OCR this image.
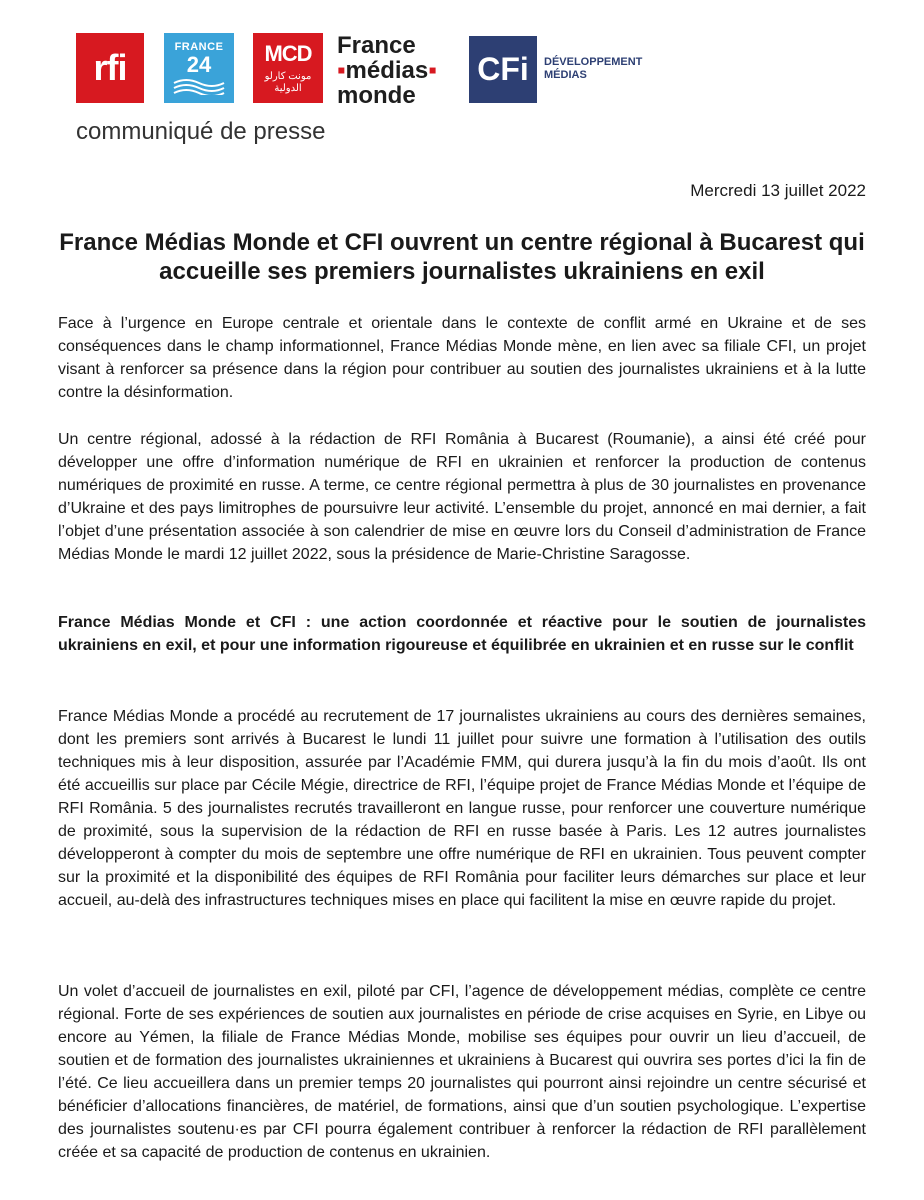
rfi	FRANCE
24	MCD
مونت كارلو الدولية
France
▪médias▪
monde
CFi	DÉVELOPPEMENT MÉDIAS
communiqué de presse
Mercredi 13 juillet 2022
France Médias Monde et CFI ouvrent un centre régional à Bucarest qui accueille ses premiers journalistes ukrainiens en exil
Face à l’urgence en Europe centrale et orientale dans le contexte de conflit armé en Ukraine et de ses conséquences dans le champ informationnel, France Médias Monde mène, en lien avec sa filiale CFI, un projet visant à renforcer sa présence dans la région pour contribuer au soutien des journalistes ukrainiens et à la lutte contre la désinformation.
Un centre régional, adossé à la rédaction de RFI România à Bucarest (Roumanie), a ainsi été créé pour développer une offre d’information numérique de RFI en ukrainien et renforcer la production de contenus numériques de proximité en russe. A terme, ce centre régional permettra à plus de 30 journalistes en provenance d’Ukraine et des pays limitrophes de poursuivre leur activité. L’ensemble du projet, annoncé en mai dernier, a fait l’objet d’une présentation associée à son calendrier de mise en œuvre lors du Conseil d’administration de France Médias Monde le mardi 12 juillet 2022, sous la présidence de Marie-Christine Saragosse.
France Médias Monde et CFI : une action coordonnée et réactive pour le soutien de journalistes ukrainiens en exil, et pour une information rigoureuse et équilibrée en ukrainien et en russe sur le conflit
France Médias Monde a procédé au recrutement de 17 journalistes ukrainiens au cours des dernières semaines, dont les premiers sont arrivés à Bucarest le lundi 11 juillet pour suivre une formation à l’utilisation des outils techniques mis à leur disposition, assurée par l’Académie FMM, qui durera jusqu’à la fin du mois d’août. Ils ont été accueillis sur place par Cécile Mégie, directrice de RFI, l’équipe projet de France Médias Monde et l’équipe de RFI România. 5 des journalistes recrutés travailleront en langue russe, pour renforcer une couverture numérique de proximité, sous la supervision de la rédaction de RFI en russe basée à Paris. Les 12 autres journalistes développeront à compter du mois de septembre une offre numérique de RFI en ukrainien. Tous peuvent compter sur la proximité et la disponibilité des équipes de RFI România pour faciliter leurs démarches sur place et leur accueil, au-delà des infrastructures techniques mises en place qui facilitent la mise en œuvre rapide du projet.
Un volet d’accueil de journalistes en exil, piloté par CFI, l’agence de développement médias, complète ce centre régional. Forte de ses expériences de soutien aux journalistes en période de crise acquises en Syrie, en Libye ou encore au Yémen, la filiale de France Médias Monde, mobilise ses équipes pour ouvrir un lieu d’accueil, de soutien et de formation des journalistes ukrainiennes et ukrainiens à Bucarest qui ouvrira ses portes d’ici la fin de l’été. Ce lieu accueillera dans un premier temps 20 journalistes qui pourront ainsi rejoindre un centre sécurisé et bénéficier d’allocations financières, de matériel, de formations, ainsi que d’un soutien psychologique. L’expertise des journalistes soutenu·es par CFI pourra également contribuer à renforcer la rédaction de RFI parallèlement créée et sa capacité de production de contenus en ukrainien.
